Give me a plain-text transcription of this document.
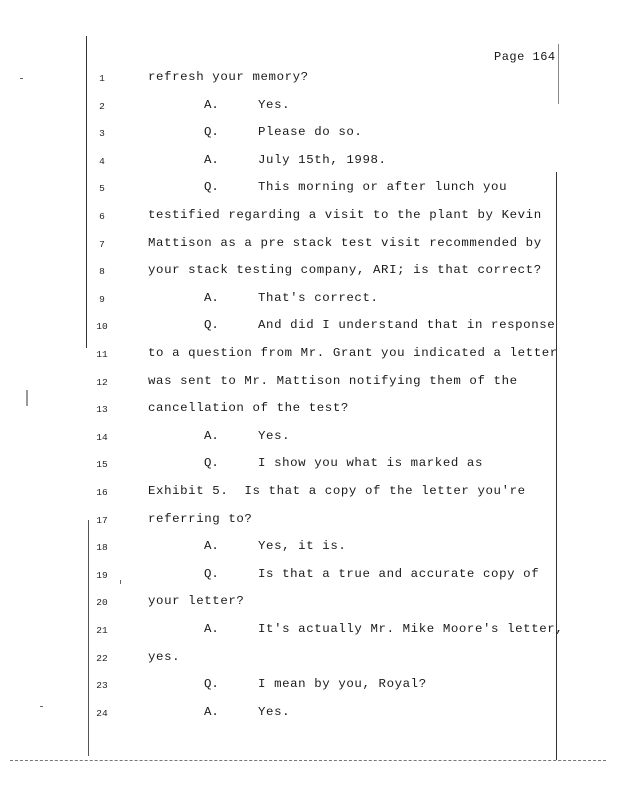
Page 164
1	refresh your memory?
2	A.	Yes.
3	Q.	Please do so.
4	A.	July 15th, 1998.
5	Q.	This morning or after lunch you
6	testified regarding a visit to the plant by Kevin
7	Mattison as a pre stack test visit recommended by
8	your stack testing company, ARI; is that correct?
9	A.	That's correct.
10	Q.	And did I understand that in response
11	to a question from Mr. Grant you indicated a letter
12	was sent to Mr. Mattison notifying them of the
13	cancellation of the test?
14	A.	Yes.
15	Q.	I show you what is marked as
16	Exhibit 5.  Is that a copy of the letter you're
17	referring to?
18	A.	Yes, it is.
19	Q.	Is that a true and accurate copy of
20	your letter?
21	A.	It's actually Mr. Mike Moore's letter,
22	yes.
23	Q.	I mean by you, Royal?
24	A.	Yes.
